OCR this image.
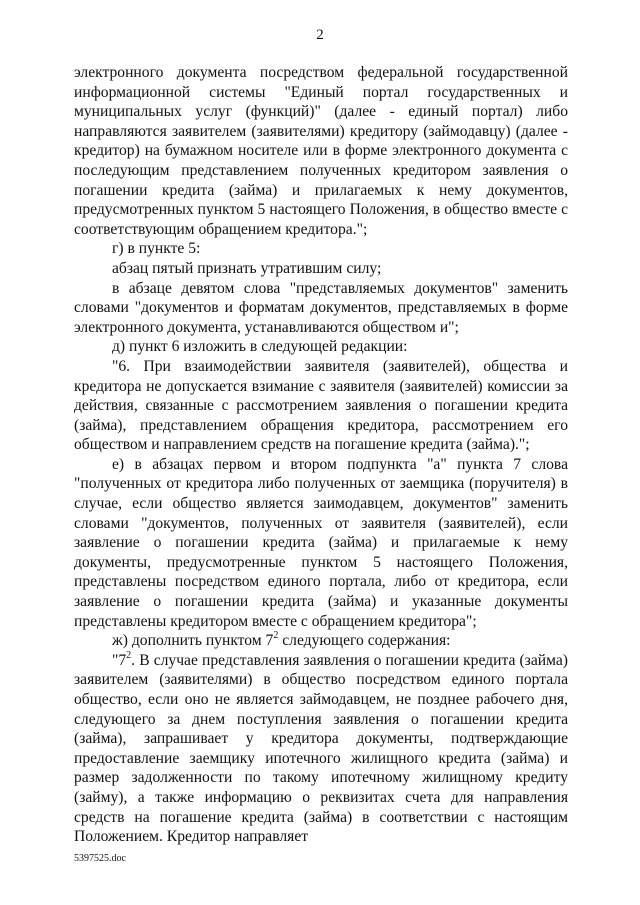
2

электронного документа посредством федеральной государственной информационной системы "Единый портал государственных и муниципальных услуг (функций)" (далее - единый портал) либо направляются заявителем (заявителями) кредитору (займодавцу) (далее - кредитор) на бумажном носителе или в форме электронного документа с последующим представлением полученных кредитором заявления о погашении кредита (займа) и прилагаемых к нему документов, предусмотренных пунктом 5 настоящего Положения, в общество вместе с соответствующим обращением кредитора.";

г) в пункте 5:

абзац пятый признать утратившим силу;

в абзаце девятом слова "представляемых документов" заменить словами "документов и форматам документов, представляемых в форме электронного документа, устанавливаются обществом и";

д) пункт 6 изложить в следующей редакции:

"6. При взаимодействии заявителя (заявителей), общества и кредитора не допускается взимание с заявителя (заявителей) комиссии за действия, связанные с рассмотрением заявления о погашении кредита (займа), представлением обращения кредитора, рассмотрением его обществом и направлением средств на погашение кредита (займа).";

е) в абзацах первом и втором подпункта "а" пункта 7 слова "полученных от кредитора либо полученных от заемщика (поручителя) в случае, если общество является заимодавцем, документов" заменить словами "документов, полученных от заявителя (заявителей), если заявление о погашении кредита (займа) и прилагаемые к нему документы, предусмотренные пунктом 5 настоящего Положения, представлены посредством единого портала, либо от кредитора, если заявление о погашении кредита (займа) и указанные документы представлены кредитором вместе с обращением кредитора";

ж) дополнить пунктом $7^2$ следующего содержания:

"$7^2$. В случае представления заявления о погашении кредита (займа) заявителем (заявителями) в общество посредством единого портала общество, если оно не является займодавцем, не позднее рабочего дня, следующего за днем поступления заявления о погашении кредита (займа), запрашивает у кредитора документы, подтверждающие предоставление заемщику ипотечного жилищного кредита (займа) и размер задолженности по такому ипотечному жилищному кредиту (займу), а также информацию о реквизитах счета для направления средств на погашение кредита (займа) в соответствии с настоящим Положением. Кредитор направляет

5397525.doc
